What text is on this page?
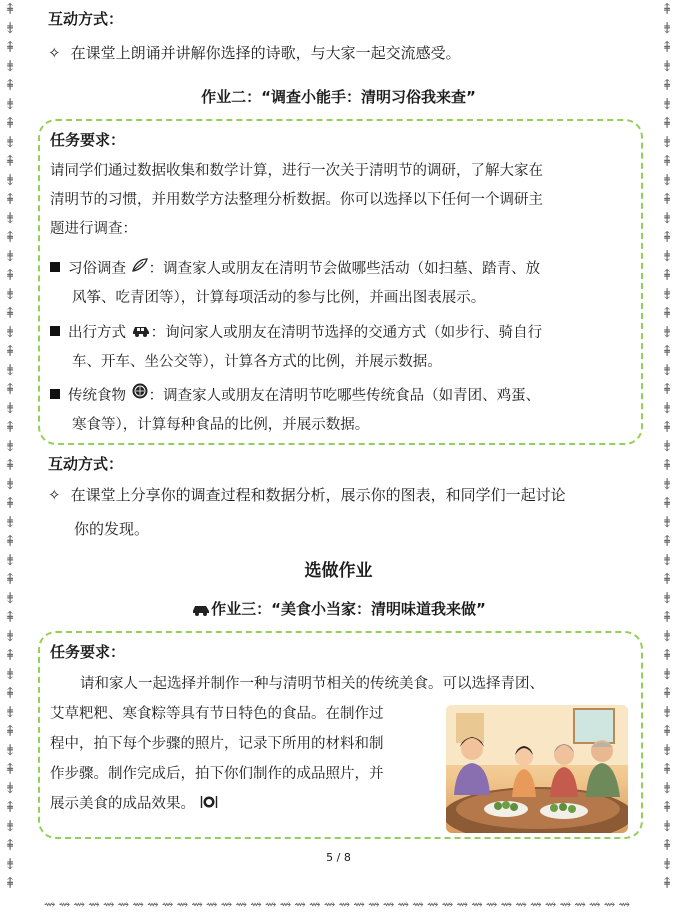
⇞
⇟
⇞
⇟
⇞
⇟
⇞
⇟
⇞
⇟
⇞
⇟
⇞
⇟
⇞
⇟
⇞
⇟
⇞
⇟
⇞
⇟
⇞
⇟
⇞
⇟
⇞
⇟
⇞
⇟
⇞
⇟
⇞
⇟
⇞
⇟
⇞
⇟
⇞
⇟
⇞
⇟
⇞
⇟
⇞
⇟
⇞
⇞
⇟
⇞
⇟
⇞
⇟
⇞
⇟
⇞
⇟
⇞
⇟
⇞
⇟
⇞
⇟
⇞
⇟
⇞
⇟
⇞
⇟
⇞
⇟
⇞
⇟
⇞
⇟
⇞
⇟
⇞
⇟
⇞
⇟
⇞
⇟
⇞
⇟
⇞
⇟
⇞
⇟
⇞
⇟
⇞
⇟
⇞
⇝⇝⇝⇝⇝⇝⇝⇝⇝⇝⇝⇝⇝⇝⇝⇝⇝⇝⇝⇝⇝⇝⇝⇝⇝⇝⇝⇝⇝⇝⇝⇝⇝⇝⇝⇝⇝⇝⇝⇝
互动方式：
✧ 在课堂上朗诵并讲解你选择的诗歌，与大家一起交流感受。
作业二：“调查小能手：清明习俗我来查”
任务要求：
请同学们通过数据收集和数学计算，进行一次关于清明节的调研，了解大家在
清明节的习惯，并用数学方法整理分析数据。你可以选择以下任何一个调研主
题进行调查：
习俗调查 ：调查家人或朋友在清明节会做哪些活动（如扫墓、踏青、放
风筝、吃青团等），计算每项活动的参与比例，并画出图表展示。
出行方式 ：询问家人或朋友在清明节选择的交通方式（如步行、骑自行
车、开车、坐公交等），计算各方式的比例，并展示数据。
传统食物 ：调查家人或朋友在清明节吃哪些传统食品（如青团、鸡蛋、
寒食等），计算每种食品的比例，并展示数据。
互动方式：
✧ 在课堂上分享你的调查过程和数据分析，展示你的图表，和同学们一起讨论
你的发现。
选做作业
作业三：“美食小当家：清明味道我来做”
任务要求：
请和家人一起选择并制作一种与清明节相关的传统美食。可以选择青团、
艾草粑粑、寒食粽等具有节日特色的食品。在制作过
程中，拍下每个步骤的照片，记录下所用的材料和制
作步骤。制作完成后，拍下你们制作的成品照片，并
展示美食的成品效果。
5 / 8
